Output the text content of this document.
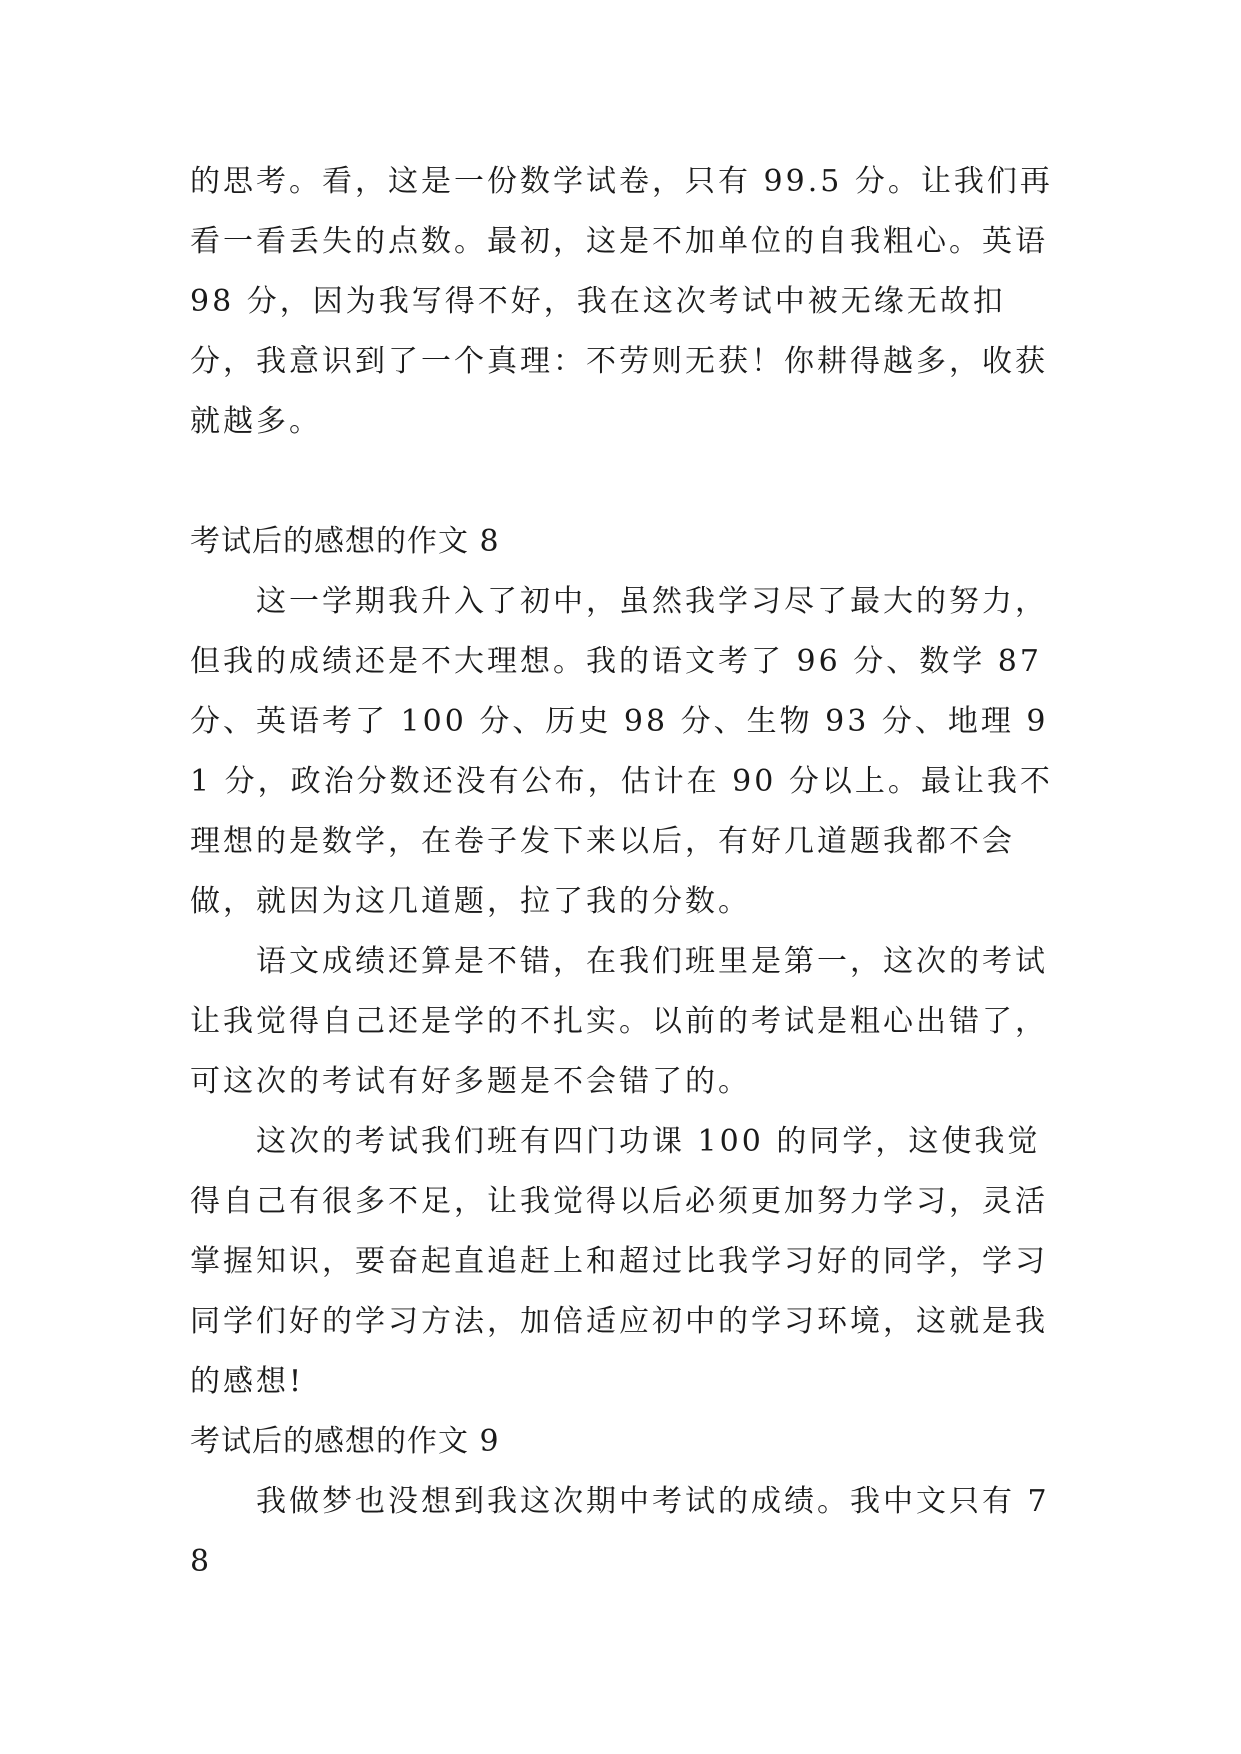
的思考。看，这是一份数学试卷，只有 99.5 分。让我们再看一看丢失的点数。最初，这是不加单位的自我粗心。英语 98 分，因为我写得不好，我在这次考试中被无缘无故扣分，我意识到了一个真理：不劳则无获！你耕得越多，收获就越多。

考试后的感想的作文 8

这一学期我升入了初中，虽然我学习尽了最大的努力，但我的成绩还是不大理想。我的语文考了 96 分、数学 87 分、英语考了 100 分、历史 98 分、生物 93 分、地理 91 分，政治分数还没有公布，估计在 90 分以上。最让我不理想的是数学，在卷子发下来以后，有好几道题我都不会做，就因为这几道题，拉了我的分数。

语文成绩还算是不错，在我们班里是第一，这次的考试让我觉得自己还是学的不扎实。以前的考试是粗心出错了，可这次的考试有好多题是不会错了的。

这次的考试我们班有四门功课 100 的同学，这使我觉得自己有很多不足，让我觉得以后必须更加努力学习，灵活掌握知识，要奋起直追赶上和超过比我学习好的同学，学习同学们好的学习方法，加倍适应初中的学习环境，这就是我的感想!

考试后的感想的作文 9

我做梦也没想到我这次期中考试的成绩。我中文只有 78
